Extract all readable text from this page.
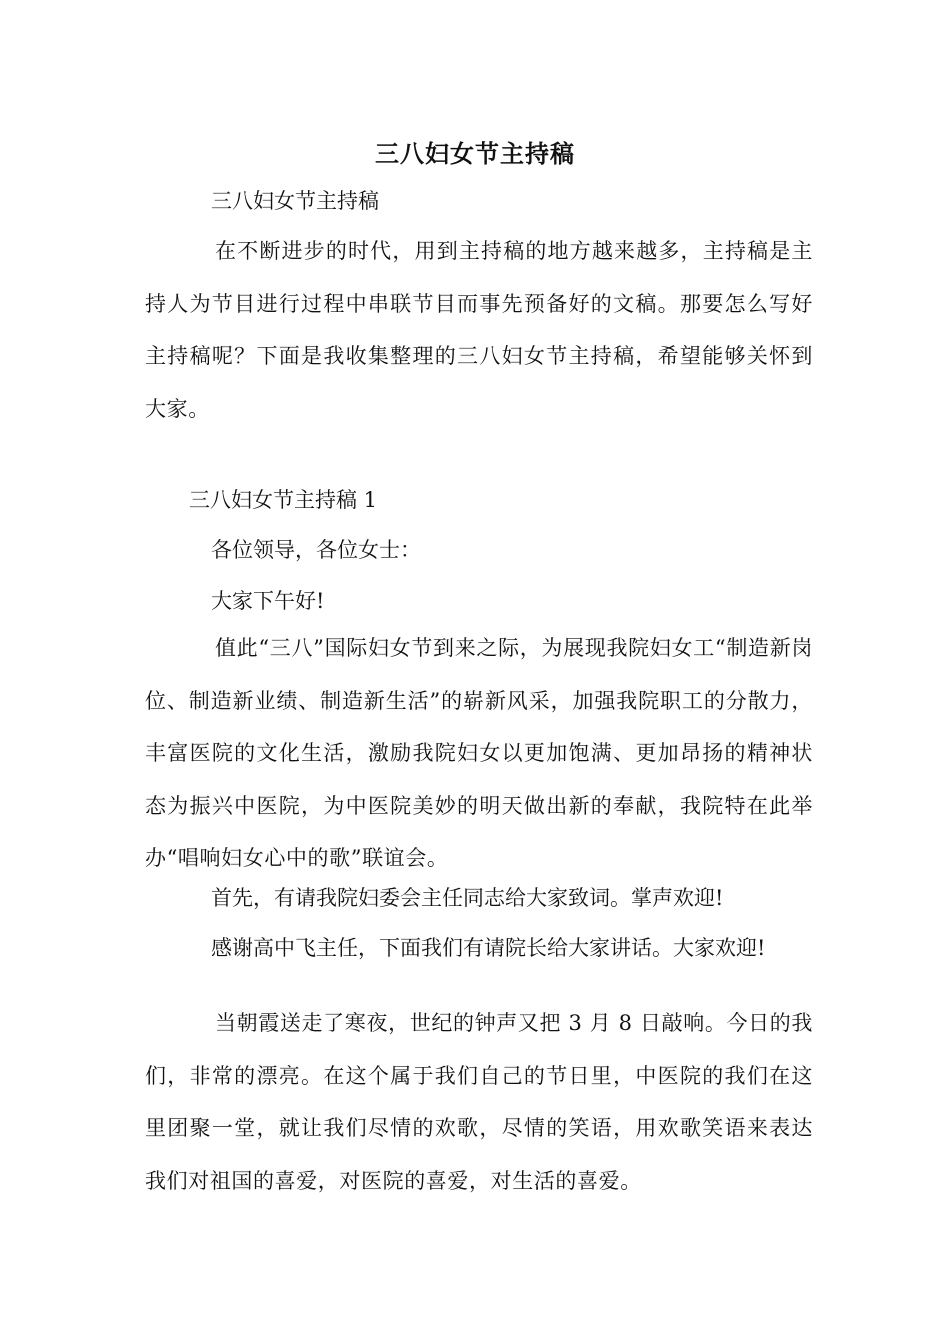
三八妇女节主持稿
三八妇女节主持稿
在不断进步的时代，用到主持稿的地方越来越多，主持稿是主持人为节目进行过程中串联节目而事先预备好的文稿。那要怎么写好主持稿呢？下面是我收集整理的三八妇女节主持稿，希望能够关怀到大家。
三八妇女节主持稿 1
各位领导，各位女士：
大家下午好!
值此“三八”国际妇女节到来之际，为展现我院妇女工“制造新岗位、制造新业绩、制造新生活”的崭新风采，加强我院职工的分散力，丰富医院的文化生活，激励我院妇女以更加饱满、更加昂扬的精神状态为振兴中医院，为中医院美妙的明天做出新的奉献，我院特在此举办“唱响妇女心中的歌”联谊会。
首先，有请我院妇委会主任同志给大家致词。掌声欢迎!
感谢高中飞主任，下面我们有请院长给大家讲话。大家欢迎!
当朝霞送走了寒夜，世纪的钟声又把 3 月 8 日敲响。今日的我们，非常的漂亮。在这个属于我们自己的节日里，中医院的我们在这里团聚一堂，就让我们尽情的欢歌，尽情的笑语，用欢歌笑语来表达我们对祖国的喜爱，对医院的喜爱，对生活的喜爱。
